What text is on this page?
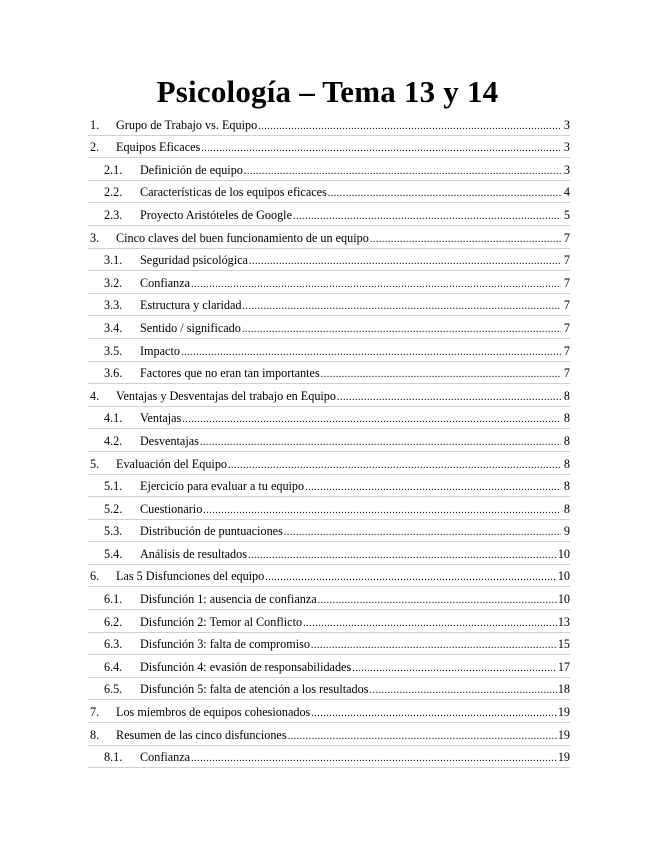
Psicología – Tema 13 y 14
1.	Grupo de Trabajo vs. Equipo .....	3
2.	Equipos Eficaces .....	3
2.1.	Definición de equipo .....	3
2.2.	Características de los equipos eficaces .....	4
2.3.	Proyecto Aristóteles de Google .....	5
3.	Cinco claves del buen funcionamiento de un equipo .....	7
3.1.	Seguridad psicológica .....	7
3.2.	Confianza .....	7
3.3.	Estructura y claridad .....	7
3.4.	Sentido / significado .....	7
3.5.	Impacto .....	7
3.6.	Factores que no eran tan importantes .....	7
4.	Ventajas y Desventajas del trabajo en Equipo .....	8
4.1.	Ventajas .....	8
4.2.	Desventajas .....	8
5.	Evaluación del Equipo .....	8
5.1.	Ejercicio para evaluar a tu equipo .....	8
5.2.	Cuestionario .....	8
5.3.	Distribución de puntuaciones .....	9
5.4.	Análisis de resultados .....	10
6.	Las 5 Disfunciones del equipo .....	10
6.1.	Disfunción 1: ausencia de confianza .....	10
6.2.	Disfunción 2: Temor al Conflicto .....	13
6.3.	Disfunción 3: falta de compromiso .....	15
6.4.	Disfunción 4: evasión de responsabilidades .....	17
6.5.	Disfunción 5: falta de atención a los resultados .....	18
7.	Los miembros de equipos cohesionados .....	19
8.	Resumen de las cinco disfunciones .....	19
8.1.	Confianza .....	19
